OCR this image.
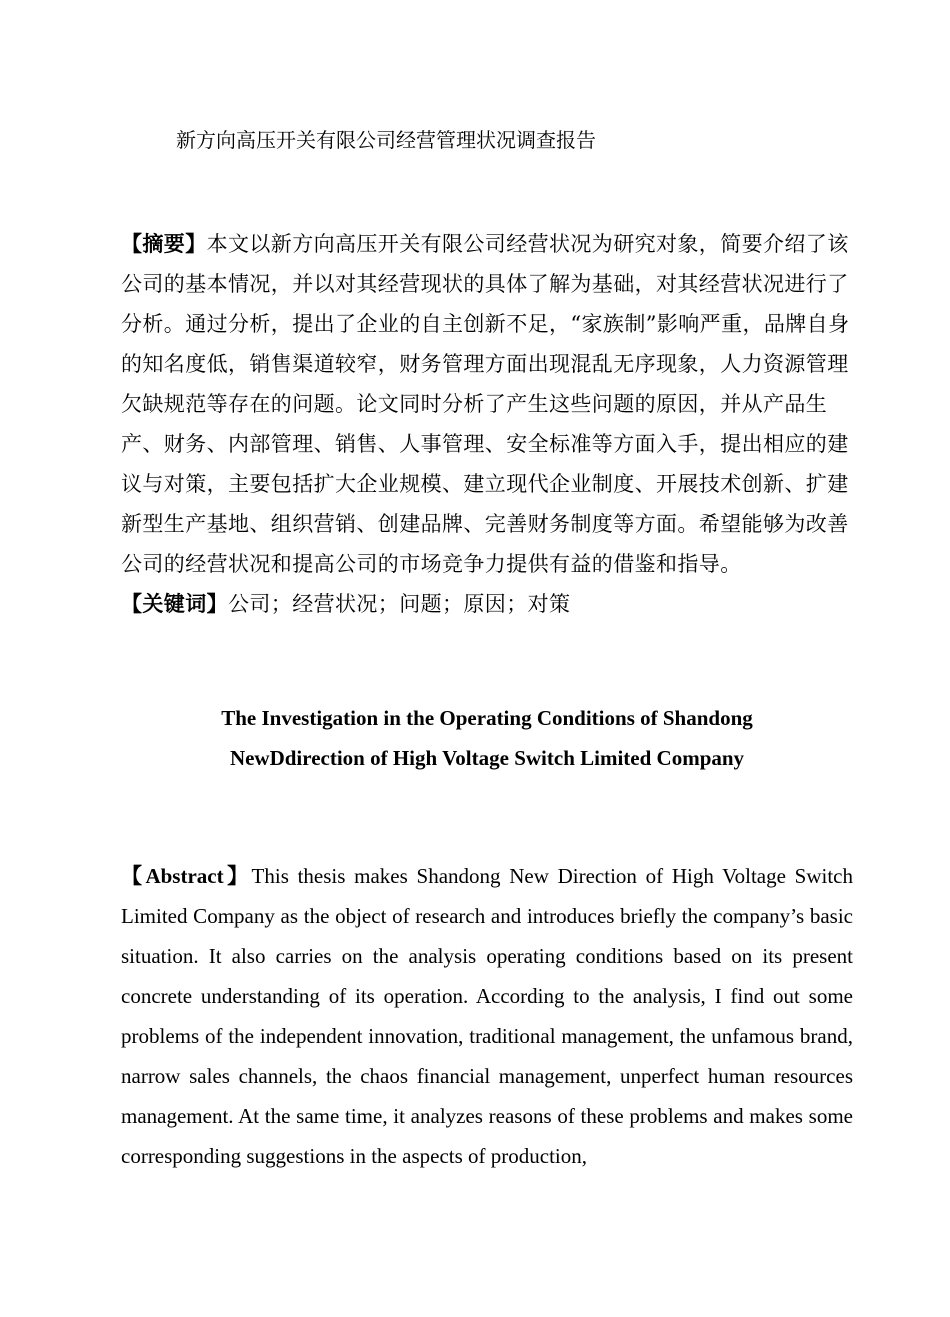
新方向高压开关有限公司经营管理状况调查报告

【摘要】本文以新方向高压开关有限公司经营状况为研究对象，简要介绍了该公司的基本情况，并以对其经营现状的具体了解为基础，对其经营状况进行了分析。通过分析，提出了企业的自主创新不足，“家族制”影响严重，品牌自身的知名度低，销售渠道较窄，财务管理方面出现混乱无序现象，人力资源管理欠缺规范等存在的问题。论文同时分析了产生这些问题的原因，并从产品生产、财务、内部管理、销售、人事管理、安全标准等方面入手，提出相应的建议与对策，主要包括扩大企业规模、建立现代企业制度、开展技术创新、扩建新型生产基地、组织营销、创建品牌、完善财务制度等方面。希望能够为改善公司的经营状况和提高公司的市场竞争力提供有益的借鉴和指导。

【关键词】公司；经营状况；问题；原因；对策

The Investigation in the Operating Conditions of Shandong
NewDdirection of High Voltage Switch Limited Company

【Abstract】This thesis makes Shandong New Direction of High Voltage Switch Limited Company as the object of research and introduces briefly the company’s basic situation. It also carries on the analysis operating conditions based on its present concrete understanding of its operation. According to the analysis, I find out some problems of the independent innovation, traditional management, the unfamous brand, narrow sales channels, the chaos financial management, unperfect human resources management. At the same time, it analyzes reasons of these problems and makes some corresponding suggestions in the aspects of production,
